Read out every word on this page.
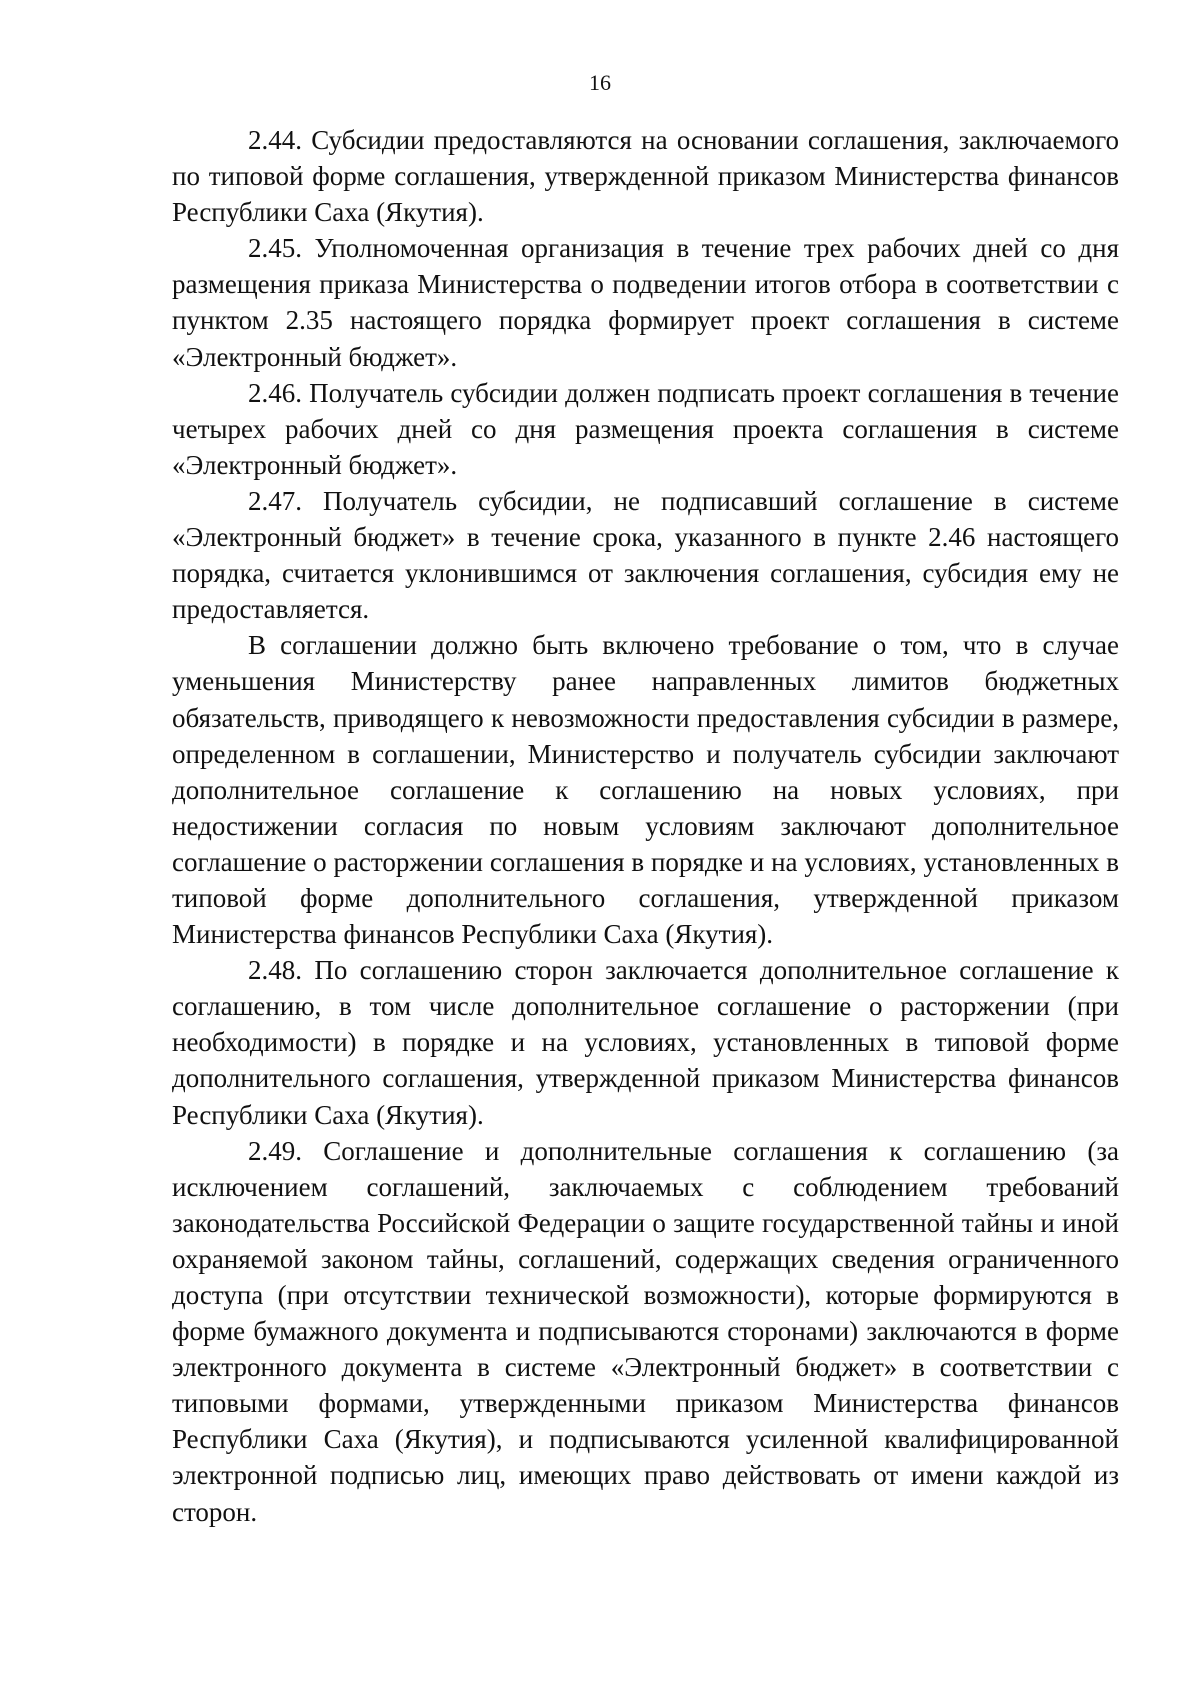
16

2.44. Субсидии предоставляются на основании соглашения, заключаемого по типовой форме соглашения, утвержденной приказом Министерства финансов Республики Саха (Якутия).

2.45. Уполномоченная организация в течение трех рабочих дней со дня размещения приказа Министерства о подведении итогов отбора в соответствии с пунктом 2.35 настоящего порядка формирует проект соглашения в системе «Электронный бюджет».

2.46. Получатель субсидии должен подписать проект соглашения в течение четырех рабочих дней со дня размещения проекта соглашения в системе «Электронный бюджет».

2.47. Получатель субсидии, не подписавший соглашение в системе «Электронный бюджет» в течение срока, указанного в пункте 2.46 настоящего порядка, считается уклонившимся от заключения соглашения, субсидия ему не предоставляется.

В соглашении должно быть включено требование о том, что в случае уменьшения Министерству ранее направленных лимитов бюджетных обязательств, приводящего к невозможности предоставления субсидии в размере, определенном в соглашении, Министерство и получатель субсидии заключают дополнительное соглашение к соглашению на новых условиях, при недостижении согласия по новым условиям заключают дополнительное соглашение о расторжении соглашения в порядке и на условиях, установленных в типовой форме дополнительного соглашения, утвержденной приказом Министерства финансов Республики Саха (Якутия).

2.48. По соглашению сторон заключается дополнительное соглашение к соглашению, в том числе дополнительное соглашение о расторжении (при необходимости) в порядке и на условиях, установленных в типовой форме дополнительного соглашения, утвержденной приказом Министерства финансов Республики Саха (Якутия).

2.49. Соглашение и дополнительные соглашения к соглашению (за исключением соглашений, заключаемых с соблюдением требований законодательства Российской Федерации о защите государственной тайны и иной охраняемой законом тайны, соглашений, содержащих сведения ограниченного доступа (при отсутствии технической возможности), которые формируются в форме бумажного документа и подписываются сторонами) заключаются в форме электронного документа в системе «Электронный бюджет» в соответствии с типовыми формами, утвержденными приказом Министерства финансов Республики Саха (Якутия), и подписываются усиленной квалифицированной электронной подписью лиц, имеющих право действовать от имени каждой из сторон.
